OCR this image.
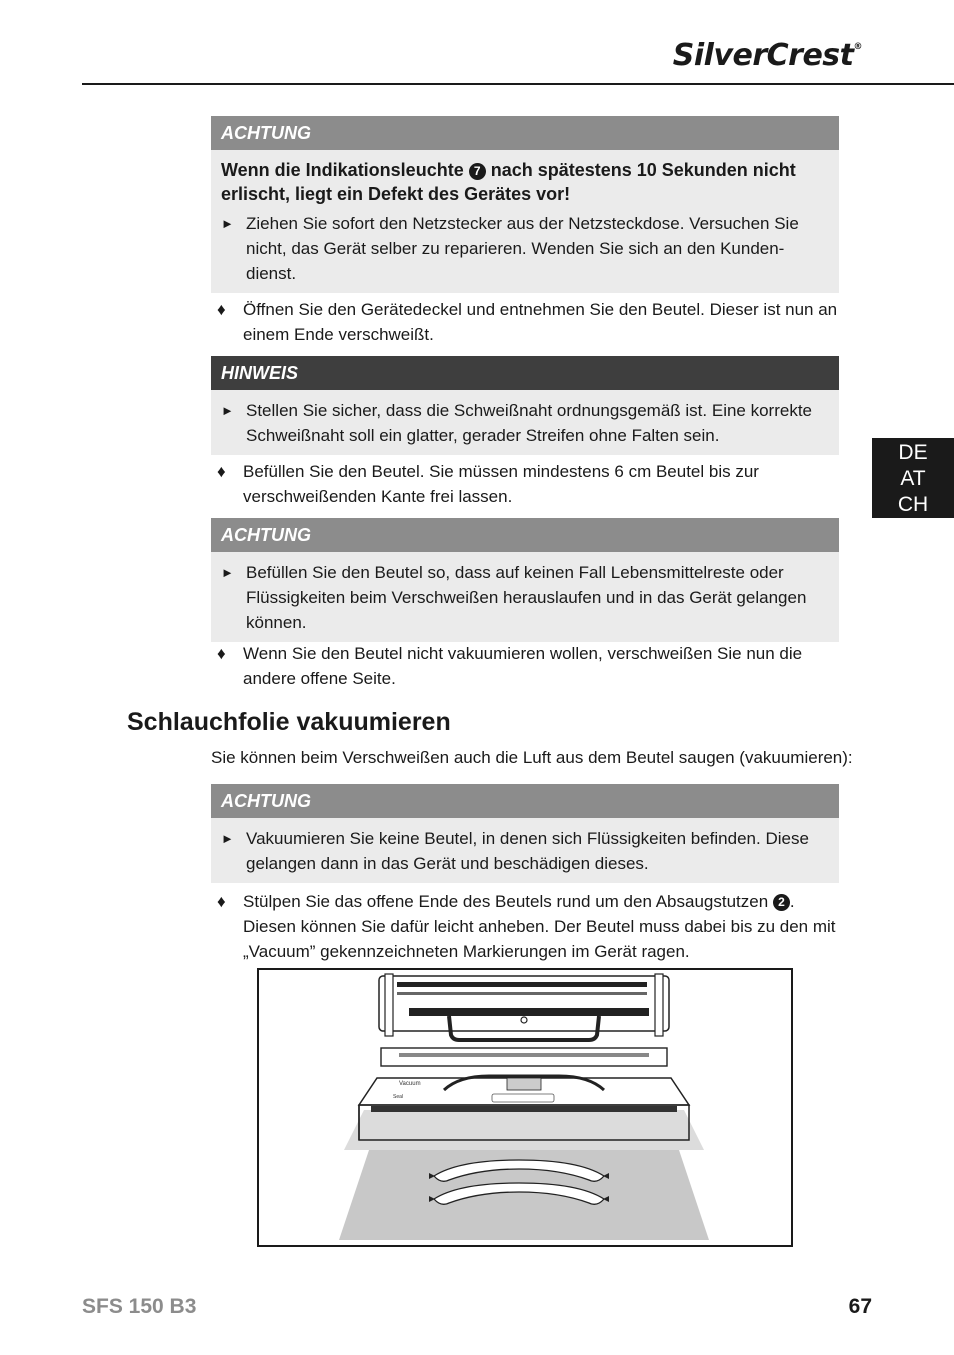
SilverCrest®
DE
AT
CH
ACHTUNG
Wenn die Indikationsleuchte 7 nach spätestens 10 Sekunden nicht erlischt, liegt ein Defekt des Gerätes vor!
► Ziehen Sie sofort den Netzstecker aus der Netzsteckdose. Versuchen Sie nicht, das Gerät selber zu reparieren. Wenden Sie sich an den Kunden-dienst.
♦ Öffnen Sie den Gerätedeckel und entnehmen Sie den Beutel. Dieser ist nun an einem Ende verschweißt.
HINWEIS
► Stellen Sie sicher, dass die Schweißnaht ordnungsgemäß ist. Eine korrekte Schweißnaht soll ein glatter, gerader Streifen ohne Falten sein.
♦ Befüllen Sie den Beutel. Sie müssen mindestens 6 cm Beutel bis zur verschweißenden Kante frei lassen.
ACHTUNG
► Befüllen Sie den Beutel so, dass auf keinen Fall Lebensmittelreste oder Flüssigkeiten beim Verschweißen herauslaufen und in das Gerät gelangen können.
♦ Wenn Sie den Beutel nicht vakuumieren wollen, verschweißen Sie nun die andere offene Seite.
Schlauchfolie vakuumieren
Sie können beim Verschweißen auch die Luft aus dem Beutel saugen (vakuumieren):
ACHTUNG
► Vakuumieren Sie keine Beutel, in denen sich Flüssigkeiten befinden. Diese gelangen dann in das Gerät und beschädigen dieses.
♦ Stülpen Sie das offene Ende des Beutels rund um den Absaugstutzen 2 . Diesen können Sie dafür leicht anheben. Der Beutel muss dabei bis zu den mit „Vacuum” gekennzeichneten Markierungen im Gerät ragen.
Vacuum
Seal
SFS 150 B3	67
